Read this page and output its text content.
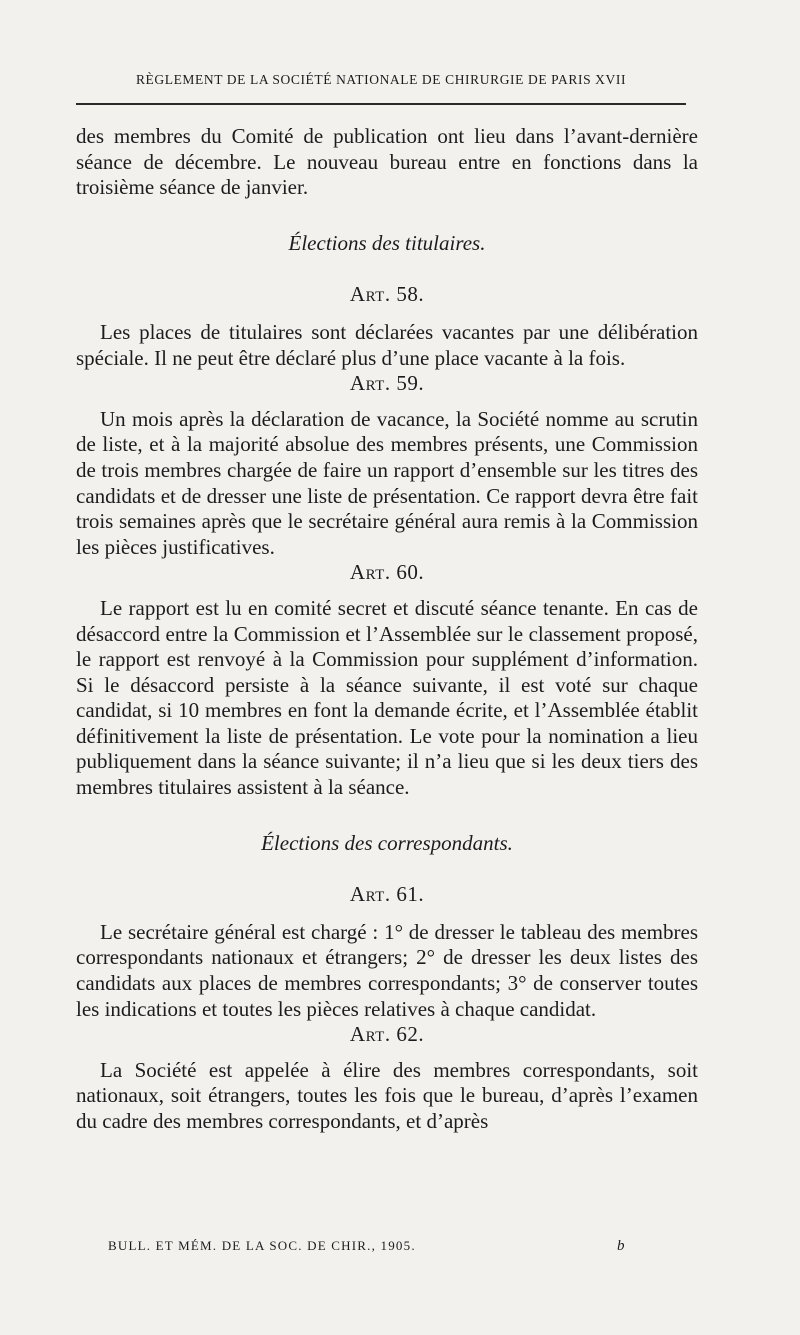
RÈGLEMENT DE LA SOCIÉTÉ NATIONALE DE CHIRURGIE DE PARIS XVII

des membres du Comité de publication ont lieu dans l’avant-dernière séance de décembre. Le nouveau bureau entre en fonctions dans la troisième séance de janvier.

Élections des titulaires.
Art. 58.

Les places de titulaires sont déclarées vacantes par une délibération spéciale. Il ne peut être déclaré plus d’une place vacante à la fois.

Art. 59.

Un mois après la déclaration de vacance, la Société nomme au scrutin de liste, et à la majorité absolue des membres présents, une Commission de trois membres chargée de faire un rapport d’ensemble sur les titres des candidats et de dresser une liste de présentation. Ce rapport devra être fait trois semaines après que le secrétaire général aura remis à la Commission les pièces justificatives.

Art. 60.

Le rapport est lu en comité secret et discuté séance tenante. En cas de désaccord entre la Commission et l’Assemblée sur le classement proposé, le rapport est renvoyé à la Commission pour supplément d’information. Si le désaccord persiste à la séance suivante, il est voté sur chaque candidat, si 10 membres en font la demande écrite, et l’Assemblée établit définitivement la liste de présentation. Le vote pour la nomination a lieu publiquement dans la séance suivante; il n’a lieu que si les deux tiers des membres titulaires assistent à la séance.

Élections des correspondants.
Art. 61.

Le secrétaire général est chargé : 1° de dresser le tableau des membres correspondants nationaux et étrangers; 2° de dresser les deux listes des candidats aux places de membres correspondants; 3° de conserver toutes les indications et toutes les pièces relatives à chaque candidat.

Art. 62.

La Société est appelée à élire des membres correspondants, soit nationaux, soit étrangers, toutes les fois que le bureau, d’après l’examen du cadre des membres correspondants, et d’après

BULL. ET MÉM. DE LA SOC. DE CHIR., 1905.	b
